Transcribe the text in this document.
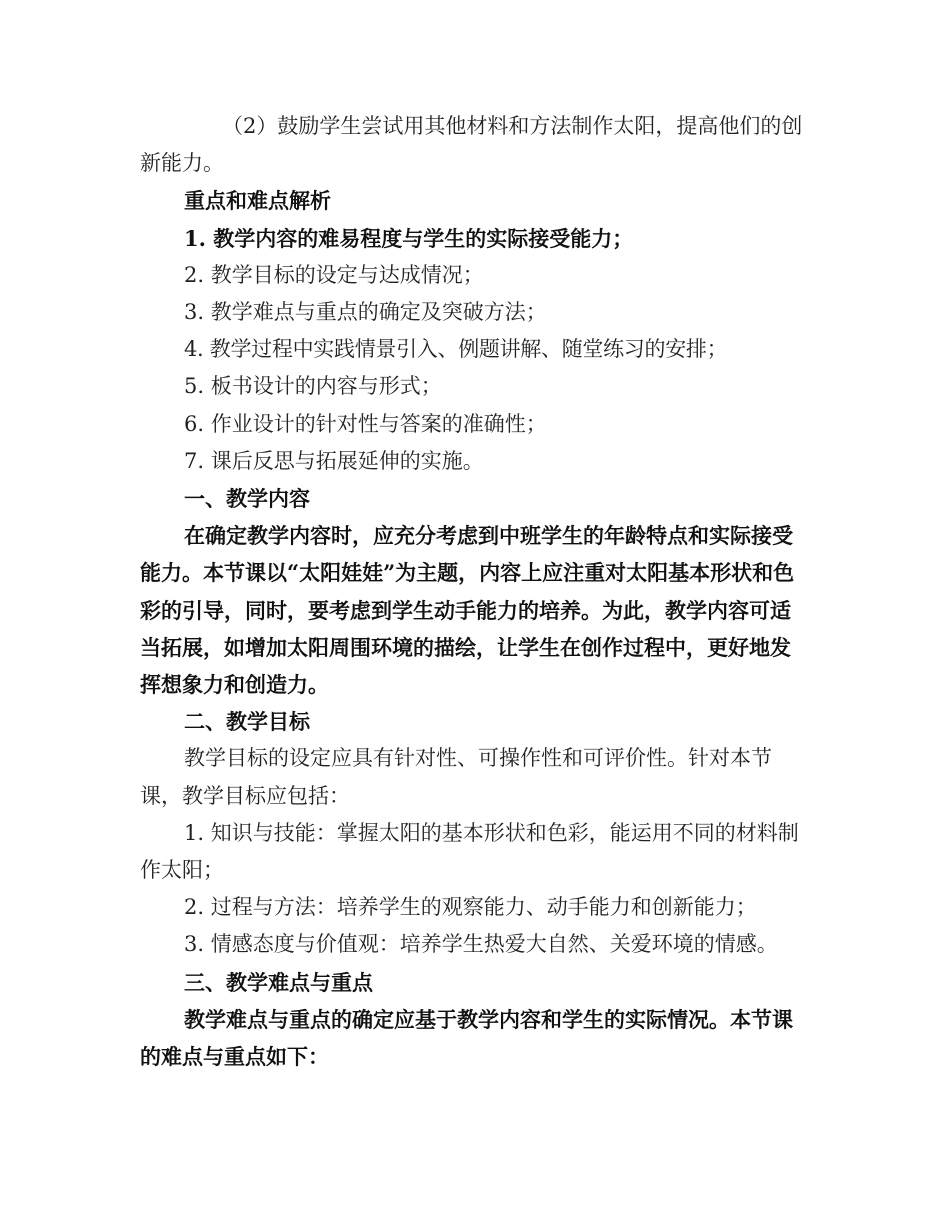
（2）鼓励学生尝试用其他材料和方法制作太阳，提高他们的创新能力。

重点和难点解析

1. 教学内容的难易程度与学生的实际接受能力；

2. 教学目标的设定与达成情况；

3. 教学难点与重点的确定及突破方法；

4. 教学过程中实践情景引入、例题讲解、随堂练习的安排；

5. 板书设计的内容与形式；

6. 作业设计的针对性与答案的准确性；

7. 课后反思与拓展延伸的实施。

一、教学内容

在确定教学内容时，应充分考虑到中班学生的年龄特点和实际接受能力。本节课以“太阳娃娃”为主题，内容上应注重对太阳基本形状和色彩的引导，同时，要考虑到学生动手能力的培养。为此，教学内容可适当拓展，如增加太阳周围环境的描绘，让学生在创作过程中，更好地发挥想象力和创造力。

二、教学目标

教学目标的设定应具有针对性、可操作性和可评价性。针对本节课，教学目标应包括：

1. 知识与技能：掌握太阳的基本形状和色彩，能运用不同的材料制作太阳；

2. 过程与方法：培养学生的观察能力、动手能力和创新能力；

3. 情感态度与价值观：培养学生热爱大自然、关爱环境的情感。

三、教学难点与重点

教学难点与重点的确定应基于教学内容和学生的实际情况。本节课的难点与重点如下：
